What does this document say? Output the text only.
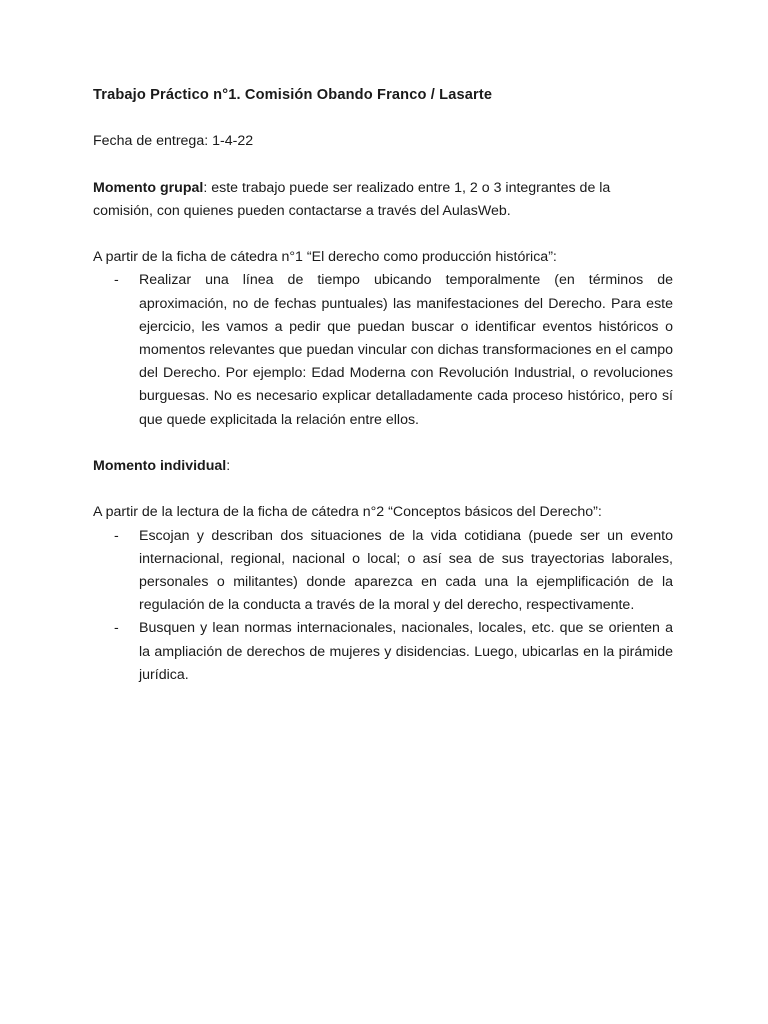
Trabajo Práctico n°1. Comisión Obando Franco / Lasarte

Fecha de entrega: 1-4-22

Momento grupal: este trabajo puede ser realizado entre 1, 2 o 3 integrantes de la comisión, con quienes pueden contactarse a través del AulasWeb.

A partir de la ficha de cátedra n°1 “El derecho como producción histórica”:

- Realizar una línea de tiempo ubicando temporalmente (en términos de aproximación, no de fechas puntuales) las manifestaciones del Derecho. Para este ejercicio, les vamos a pedir que puedan buscar o identificar eventos históricos o momentos relevantes que puedan vincular con dichas transformaciones en el campo del Derecho. Por ejemplo: Edad Moderna con Revolución Industrial, o revoluciones burguesas. No es necesario explicar detalladamente cada proceso histórico, pero sí que quede explicitada la relación entre ellos.

Momento individual:

A partir de la lectura de la ficha de cátedra n°2 “Conceptos básicos del Derecho”:

- Escojan y describan dos situaciones de la vida cotidiana (puede ser un evento internacional, regional, nacional o local; o así sea de sus trayectorias laborales, personales o militantes) donde aparezca en cada una la ejemplificación de la regulación de la conducta a través de la moral y del derecho, respectivamente.
- Busquen y lean normas internacionales, nacionales, locales, etc. que se orienten a la ampliación de derechos de mujeres y disidencias. Luego, ubicarlas en la pirámide jurídica.
